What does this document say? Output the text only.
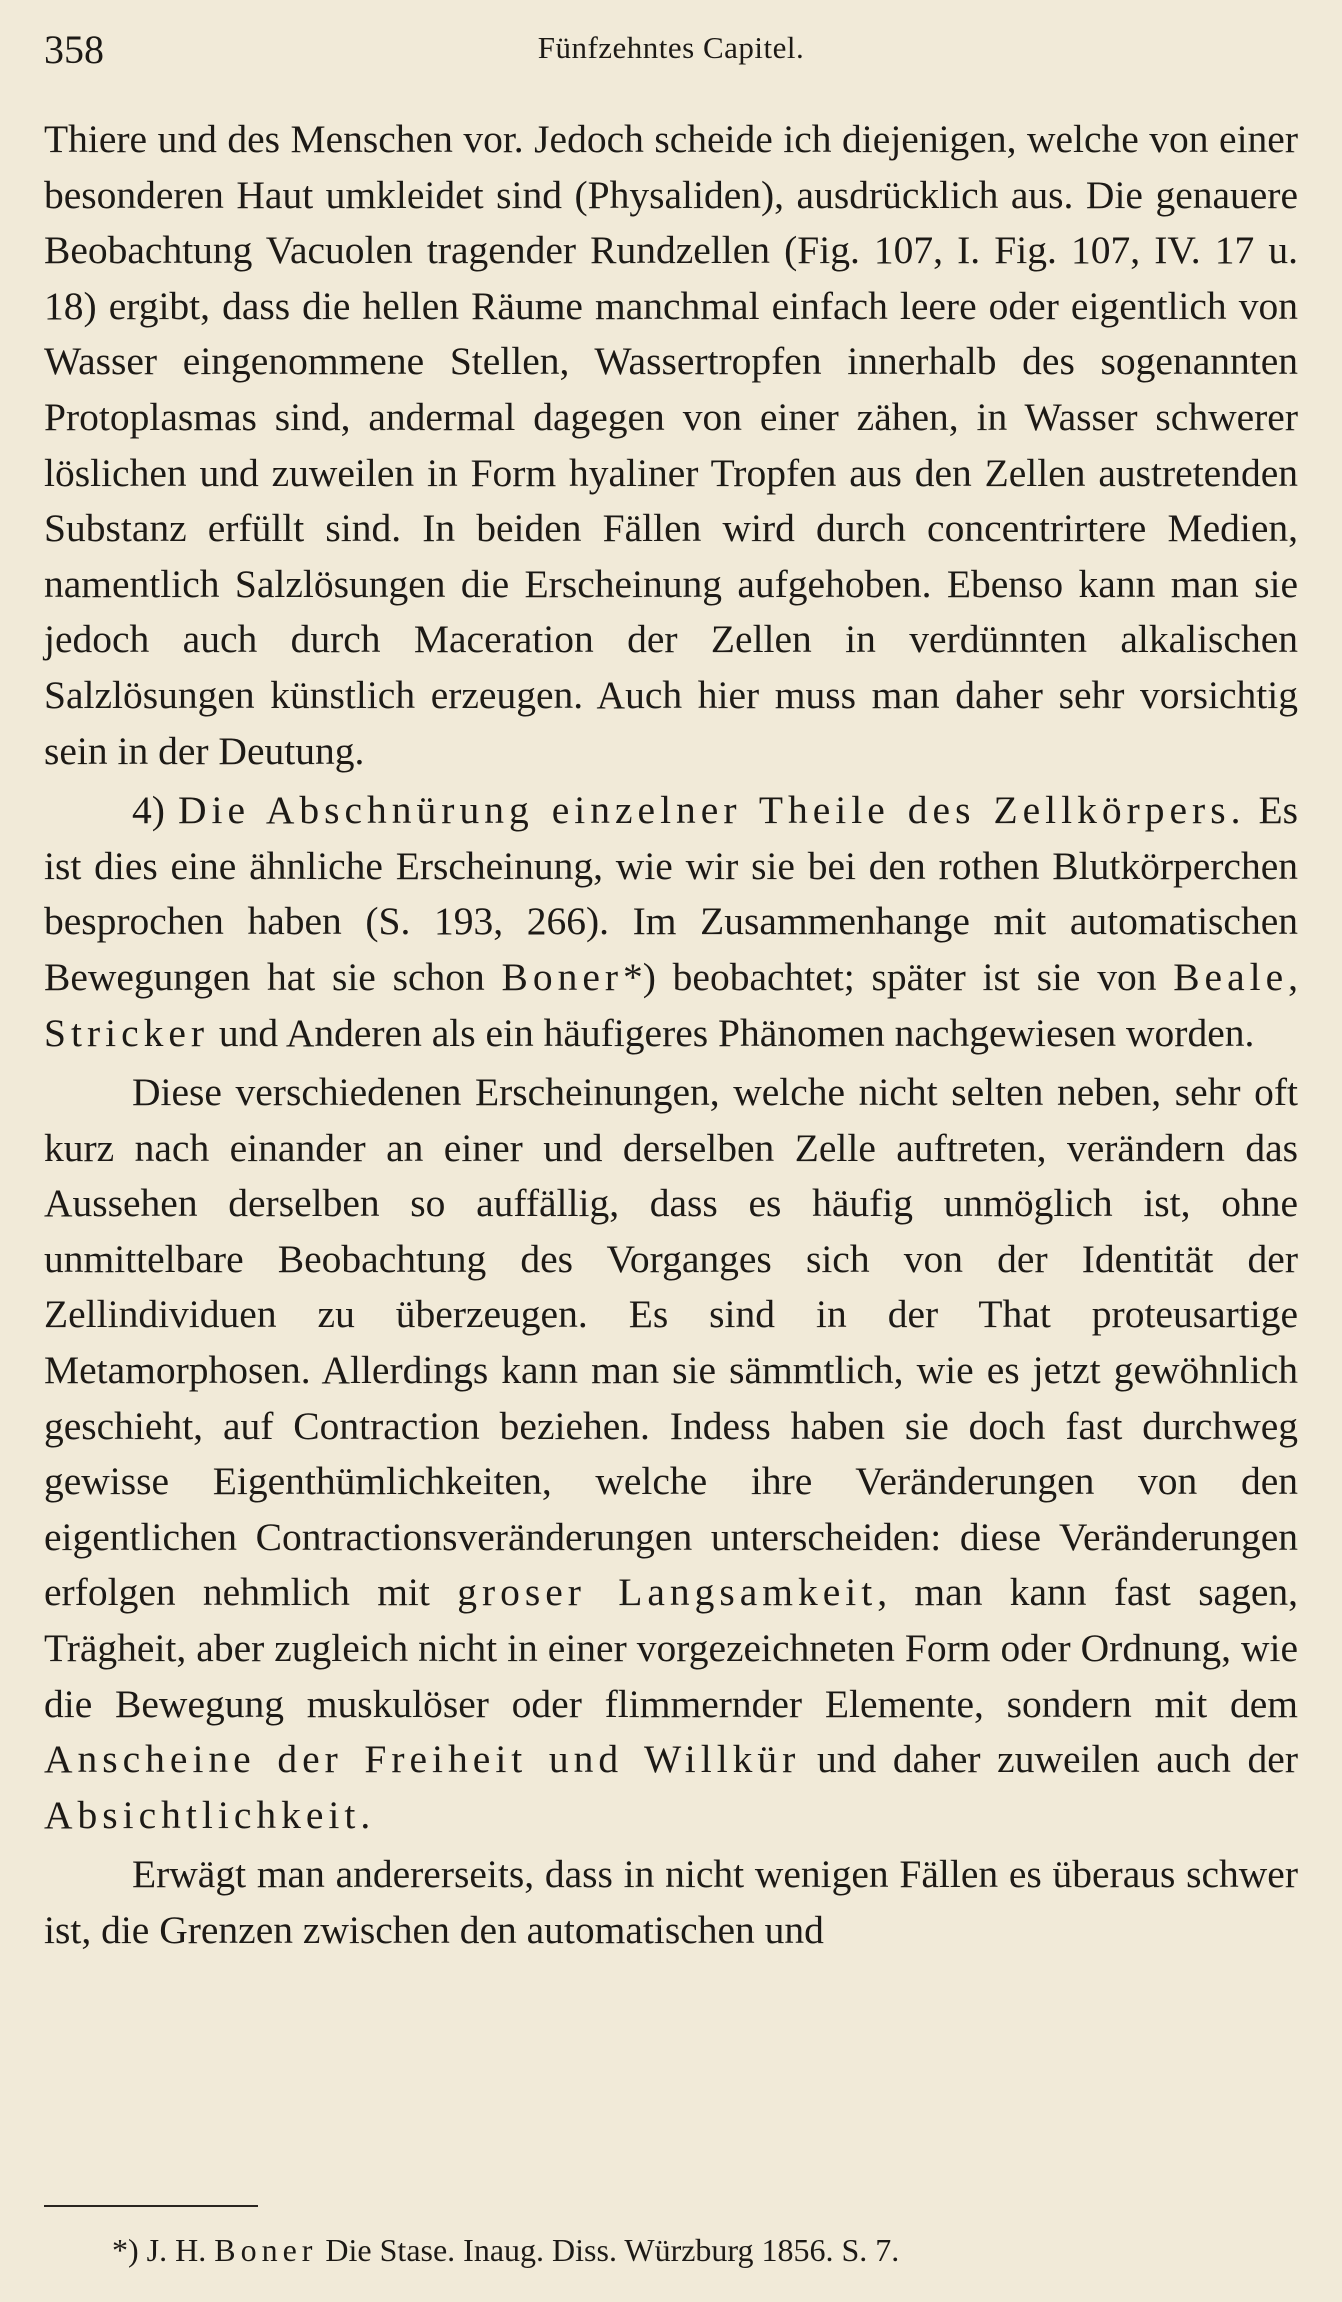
358	Fünfzehntes Capitel.

Thiere und des Menschen vor. Jedoch scheide ich diejenigen, welche von einer besonderen Haut umkleidet sind (Physaliden), ausdrücklich aus. Die genauere Beobachtung Vacuolen tragender Rundzellen (Fig. 107, I. Fig. 107, IV. 17 u. 18) ergibt, dass die hellen Räume manchmal einfach leere oder eigentlich von Wasser eingenommene Stellen, Wassertropfen innerhalb des sogenannten Protoplasmas sind, andermal dagegen von einer zähen, in Wasser schwerer löslichen und zuweilen in Form hyaliner Tropfen aus den Zellen austretenden Substanz erfüllt sind. In beiden Fällen wird durch concentrirtere Medien, namentlich Salzlösungen die Erscheinung aufgehoben. Ebenso kann man sie jedoch auch durch Maceration der Zellen in verdünnten alkalischen Salzlösungen künstlich erzeugen. Auch hier muss man daher sehr vorsichtig sein in der Deutung.

4) Die Abschnürung einzelner Theile des Zellkörpers. Es ist dies eine ähnliche Erscheinung, wie wir sie bei den rothen Blutkörperchen besprochen haben (S. 193, 266). Im Zusammenhange mit automatischen Bewegungen hat sie schon Boner*) beobachtet; später ist sie von Beale, Stricker und Anderen als ein häufigeres Phänomen nachgewiesen worden.

Diese verschiedenen Erscheinungen, welche nicht selten neben, sehr oft kurz nach einander an einer und derselben Zelle auftreten, verändern das Aussehen derselben so auffällig, dass es häufig unmöglich ist, ohne unmittelbare Beobachtung des Vorganges sich von der Identität der Zellindividuen zu überzeugen. Es sind in der That proteusartige Metamorphosen. Allerdings kann man sie sämmtlich, wie es jetzt gewöhnlich geschieht, auf Contraction beziehen. Indess haben sie doch fast durchweg gewisse Eigenthümlichkeiten, welche ihre Veränderungen von den eigentlichen Contractionsveränderungen unterscheiden: diese Veränderungen erfolgen nehmlich mit groser Langsamkeit, man kann fast sagen, Trägheit, aber zugleich nicht in einer vorgezeichneten Form oder Ordnung, wie die Bewegung muskulöser oder flimmernder Elemente, sondern mit dem Anscheine der Freiheit und Willkür und daher zuweilen auch der Absichtlichkeit.

Erwägt man andererseits, dass in nicht wenigen Fällen es überaus schwer ist, die Grenzen zwischen den automatischen und

*) J. H. Boner Die Stase. Inaug. Diss. Würzburg 1856. S. 7.
